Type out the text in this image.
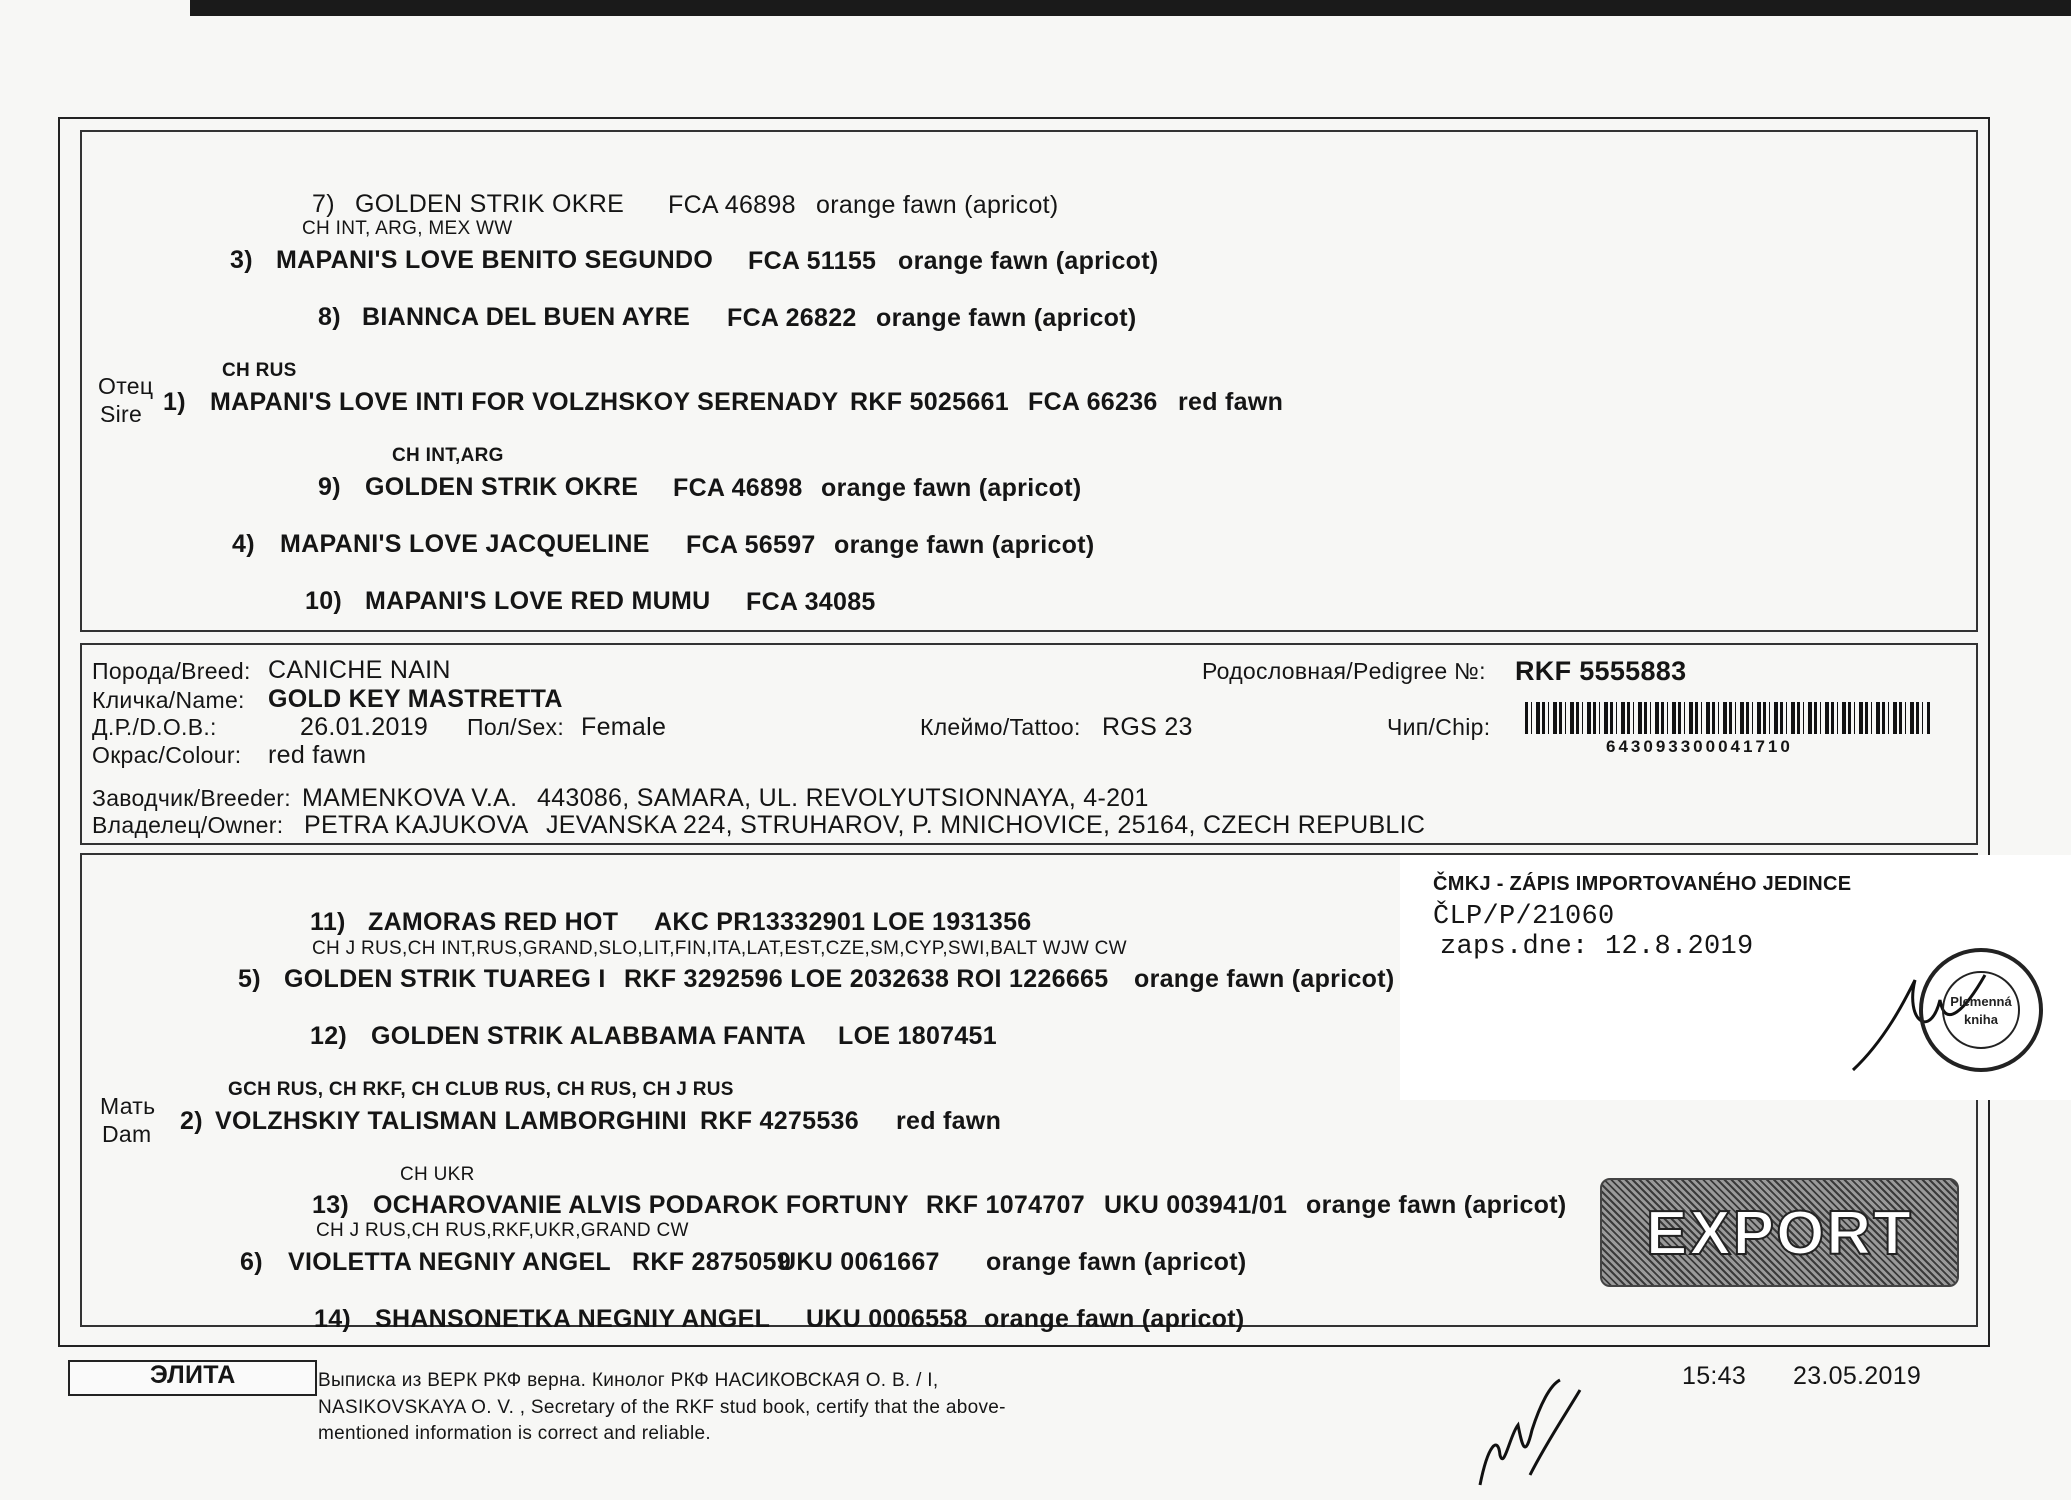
CH INT, ARG, MEX WW
7) GOLDEN STRIK OKRE FCA 46898 orange fawn (apricot)
3) MAPANI'S LOVE BENITO SEGUNDO FCA 51155 orange fawn (apricot)
8) BIANNCA DEL BUEN AYRE FCA 26822 orange fawn (apricot)
Отец
Sire
CH RUS
1) MAPANI'S LOVE INTI FOR VOLZHSKOY SERENADY RKF 5025661 FCA 66236 red fawn
CH INT,ARG
9) GOLDEN STRIK OKRE FCA 46898 orange fawn (apricot)
4) MAPANI'S LOVE JACQUELINE FCA 56597 orange fawn (apricot)
10) MAPANI'S LOVE RED MUMU FCA 34085
Порода/Breed: CANICHE NAIN	Родословная/Pedigree №: RKF 5555883
Кличка/Name: GOLD KEY MASTRETTA
Д.Р./D.O.B.:	26.01.2019 Пол/Sex: Female	Клеймо/Tattoo: RGS 23	Чип/Chip:
643093300041710
Окрас/Colour: red fawn
Заводчик/Breeder: MAMENKOVA V.A. 443086, SAMARA, UL. REVOLYUTSIONNAYA, 4-201
Владелец/Owner: PETRA KAJUKOVA JEVANSKA 224, STRUHAROV, P. MNICHOVICE, 25164, CZECH REPUBLIC
11) ZAMORAS RED HOT AKC PR13332901 LOE 1931356
CH J RUS,CH INT,RUS,GRAND,SLO,LIT,FIN,ITA,LAT,EST,CZE,SM,CYP,SWI,BALT WJW CW
5) GOLDEN STRIK TUAREG I RKF 3292596 LOE 2032638 ROI 1226665 orange fawn (apricot)
12) GOLDEN STRIK ALABBAMA FANTA LOE 1807451
GCH RUS, CH RKF, CH CLUB RUS, CH RUS, CH J RUS
Мать
Dam 2) VOLZHSKIY TALISMAN LAMBORGHINI RKF 4275536 red fawn
CH UKR
13) OCHAROVANIE ALVIS PODAROK FORTUNY RKF 1074707 UKU 003941/01 orange fawn (apricot)
CH J RUS,CH RUS,RKF,UKR,GRAND CW
6) VIOLETTA NEGNIY ANGEL RKF 2875059
UKU 0061667 orange fawn (apricot)
14) SHANSONETKA NEGNIY ANGEL UKU 0006558 orange fawn (apricot)
ČMKJ - ZÁPIS IMPORTOVANÉHO JEDINCE
ČLP/P/21060
zaps.dne: 12.8.2019
Plemenná
kniha
EXPORT
ЭЛИТА	Выписка из ВЕРК РКФ верна. Кинолог РКФ НАСИКОВСКАЯ О. В. / I,
NASIKOVSKAYA O. V. , Secretary of the RKF stud book, certify that the above-
mentioned information is correct and reliable.
15:43 23.05.2019
